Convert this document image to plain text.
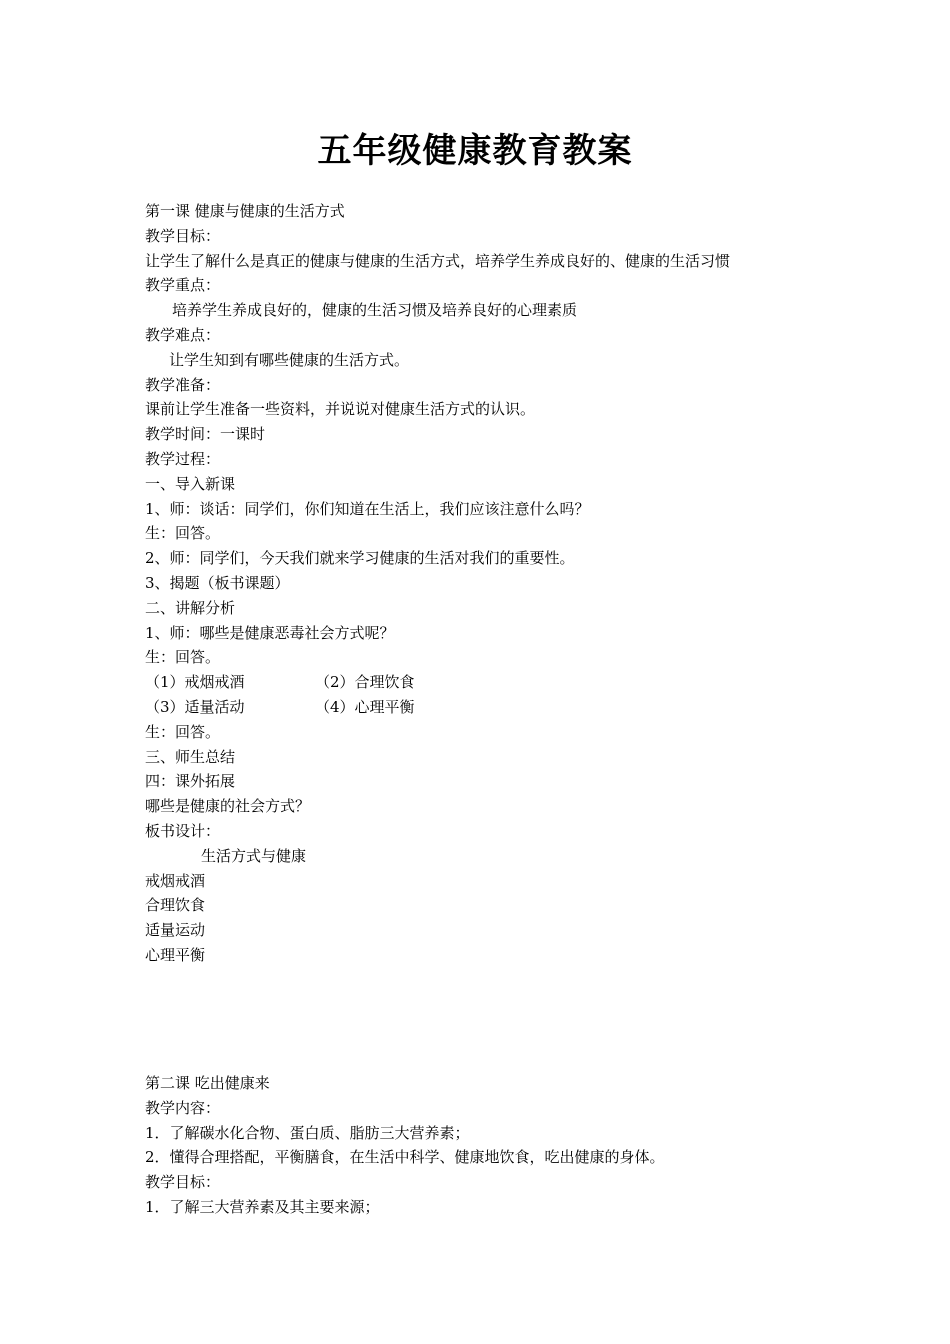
五年级健康教育教案
第一课 健康与健康的生活方式
教学目标：
让学生了解什么是真正的健康与健康的生活方式，培养学生养成良好的、健康的生活习惯
教学重点：
培养学生养成良好的，健康的生活习惯及培养良好的心理素质
教学难点：
让学生知到有哪些健康的生活方式。
教学准备：
课前让学生准备一些资料，并说说对健康生活方式的认识。
教学时间：一课时
教学过程：
一、导入新课
1、师：谈话：同学们，你们知道在生活上，我们应该注意什么吗？
生：回答。
2、师：同学们，今天我们就来学习健康的生活对我们的重要性。
3、揭题（板书课题）
二、讲解分析
1、师：哪些是健康恶毒社会方式呢？
生：回答。
（1）戒烟戒酒	（2）合理饮食
（3）适量活动	（4）心理平衡
生：回答。
三、师生总结
四：课外拓展
哪些是健康的社会方式？
板书设计：
生活方式与健康
戒烟戒酒
合理饮食
适量运动
心理平衡
第二课 吃出健康来
教学内容：
1．了解碳水化合物、蛋白质、脂肪三大营养素；
2．懂得合理搭配，平衡膳食，在生活中科学、健康地饮食，吃出健康的身体。
教学目标：
1．了解三大营养素及其主要来源；
